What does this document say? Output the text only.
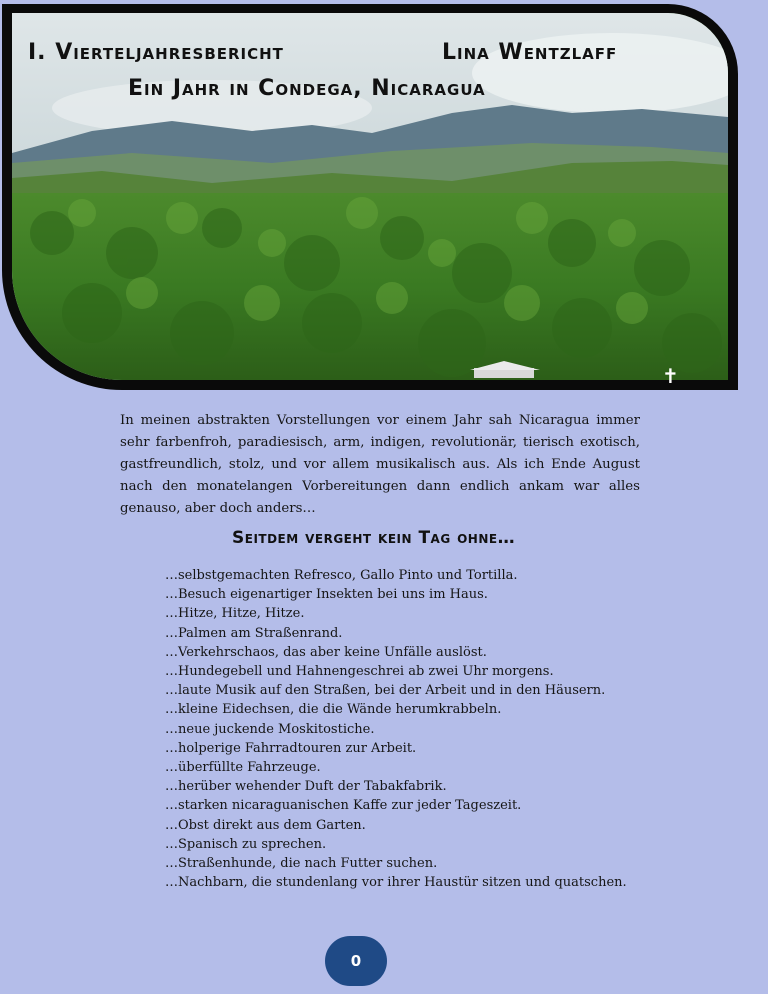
I. Vierteljahresbericht	Lina Wentzlaff
Ein Jahr in Condega, Nicaragua
✝

In meinen abstrakten Vorstellungen vor einem Jahr sah Nicaragua immer sehr farbenfroh, paradiesisch, arm, indigen, revolutionär, tierisch exotisch, gastfreundlich, stolz, und vor allem musikalisch aus. Als ich Ende August nach den monatelangen Vorbereitungen dann endlich ankam war alles genauso, aber doch anders…

Seitdem vergeht kein Tag ohne…
…selbstgemachten Refresco, Gallo Pinto und Tortilla.
…Besuch eigenartiger Insekten bei uns im Haus.
…Hitze, Hitze, Hitze.
…Palmen am Straßenrand.
…Verkehrschaos, das aber keine Unfälle auslöst.
…Hundegebell und Hahnengeschrei ab zwei Uhr morgens.
…laute Musik auf den Straßen, bei der Arbeit und in den Häusern.
…kleine Eidechsen, die die Wände herumkrabbeln.
…neue juckende Moskitostiche.
…holperige Fahrradtouren zur Arbeit.
…überfüllte Fahrzeuge.
…herüber wehender Duft der Tabakfabrik.
…starken nicaraguanischen Kaffe zur jeder Tageszeit.
…Obst direkt aus dem Garten.
…Spanisch zu sprechen.
…Straßenhunde, die nach Futter suchen.
…Nachbarn, die stundenlang vor ihrer Haustür sitzen und quatschen.
0
